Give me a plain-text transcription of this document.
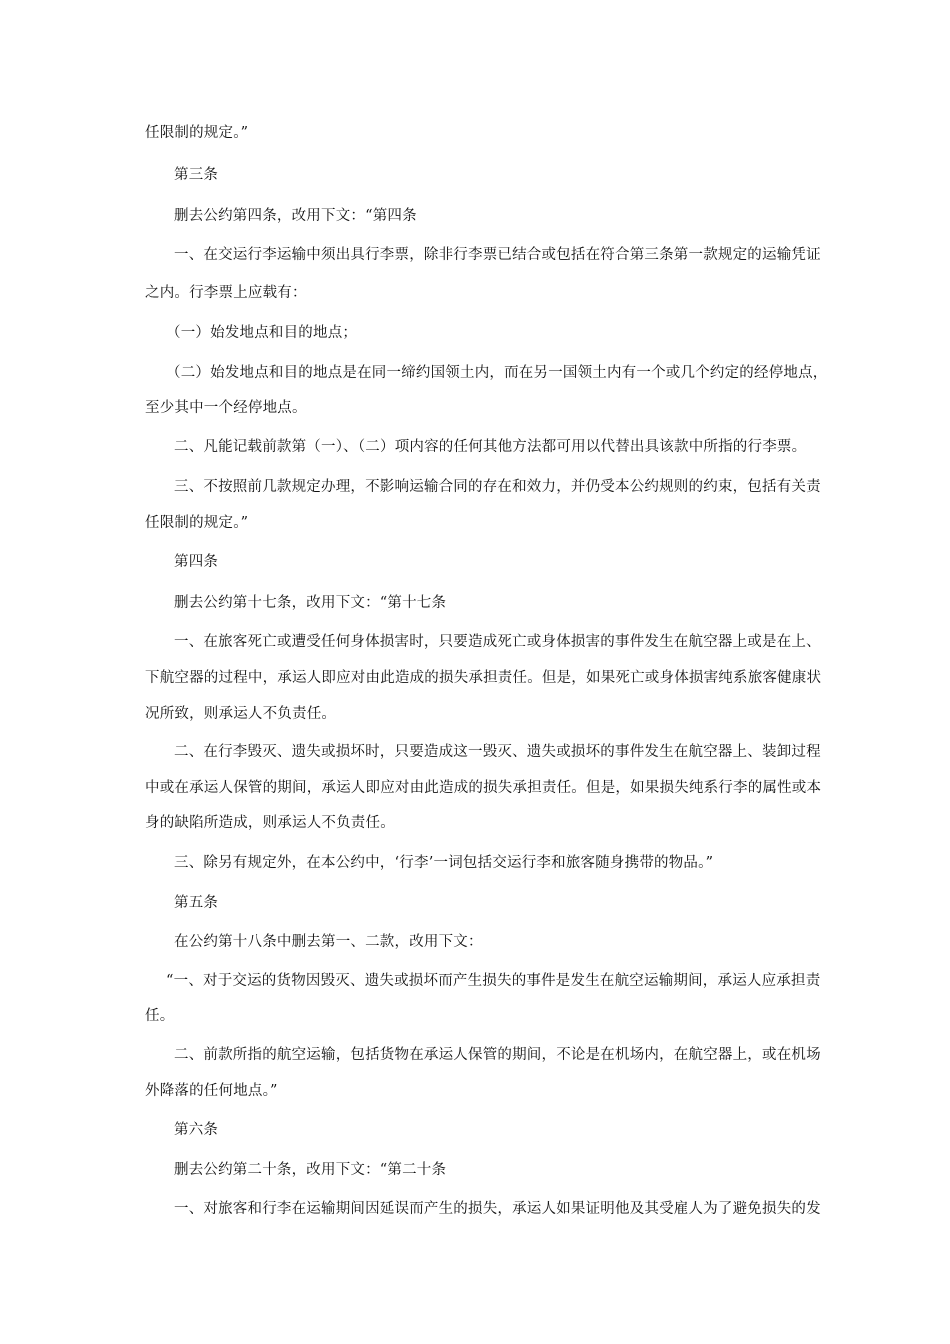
任限制的规定。”
第三条
删去公约第四条，改用下文：“第四条
一、在交运行李运输中须出具行李票，除非行李票已结合或包括在符合第三条第一款规定的运输凭证
之内。行李票上应载有：
（一）始发地点和目的地点；
（二）始发地点和目的地点是在同一缔约国领土内，而在另一国领土内有一个或几个约定的经停地点，
至少其中一个经停地点。
二、凡能记载前款第（一）、（二）项内容的任何其他方法都可用以代替出具该款中所指的行李票。
三、不按照前几款规定办理，不影响运输合同的存在和效力，并仍受本公约规则的约束，包括有关责
任限制的规定。”
第四条
删去公约第十七条，改用下文：“第十七条
一、在旅客死亡或遭受任何身体损害时，只要造成死亡或身体损害的事件发生在航空器上或是在上、
下航空器的过程中，承运人即应对由此造成的损失承担责任。但是，如果死亡或身体损害纯系旅客健康状
况所致，则承运人不负责任。
二、在行李毁灭、遗失或损坏时，只要造成这一毁灭、遗失或损坏的事件发生在航空器上、装卸过程
中或在承运人保管的期间，承运人即应对由此造成的损失承担责任。但是，如果损失纯系行李的属性或本
身的缺陷所造成，则承运人不负责任。
三、除另有规定外，在本公约中，‘行李’一词包括交运行李和旅客随身携带的物品。”
第五条
在公约第十八条中删去第一、二款，改用下文：
“一、对于交运的货物因毁灭、遗失或损坏而产生损失的事件是发生在航空运输期间，承运人应承担责
任。
二、前款所指的航空运输，包括货物在承运人保管的期间，不论是在机场内，在航空器上，或在机场
外降落的任何地点。”
第六条
删去公约第二十条，改用下文：“第二十条
一、对旅客和行李在运输期间因延误而产生的损失，承运人如果证明他及其受雇人为了避免损失的发
